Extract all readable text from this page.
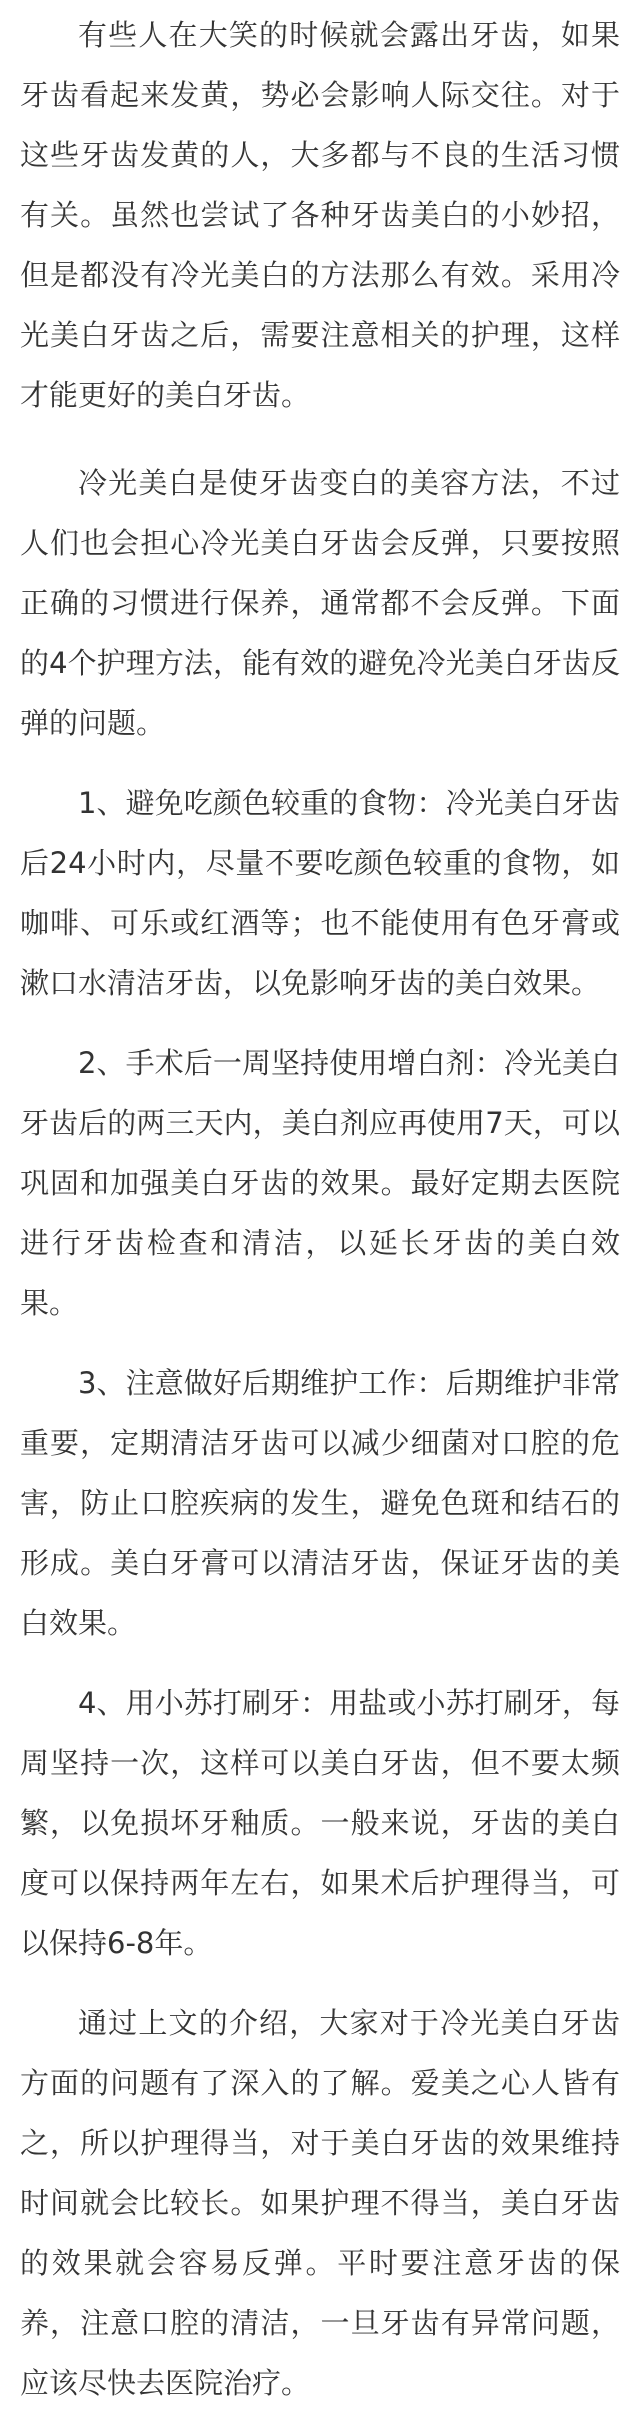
有些人在大笑的时候就会露出牙齿，如果牙齿看起来发黄，势必会影响人际交往。对于这些牙齿发黄的人，大多都与不良的生活习惯有关。虽然也尝试了各种牙齿美白的小妙招，但是都没有冷光美白的方法那么有效。采用冷光美白牙齿之后，需要注意相关的护理，这样才能更好的美白牙齿。

冷光美白是使牙齿变白的美容方法，不过人们也会担心冷光美白牙齿会反弹，只要按照正确的习惯进行保养，通常都不会反弹。下面的4个护理方法，能有效的避免冷光美白牙齿反弹的问题。

1、避免吃颜色较重的食物：冷光美白牙齿后24小时内，尽量不要吃颜色较重的食物，如咖啡、可乐或红酒等；也不能使用有色牙膏或漱口水清洁牙齿，以免影响牙齿的美白效果。

2、手术后一周坚持使用增白剂：冷光美白牙齿后的两三天内，美白剂应再使用7天，可以巩固和加强美白牙齿的效果。最好定期去医院进行牙齿检查和清洁，以延长牙齿的美白效果。

3、注意做好后期维护工作：后期维护非常重要，定期清洁牙齿可以减少细菌对口腔的危害，防止口腔疾病的发生，避免色斑和结石的形成。美白牙膏可以清洁牙齿，保证牙齿的美白效果。

4、用小苏打刷牙：用盐或小苏打刷牙，每周坚持一次，这样可以美白牙齿，但不要太频繁，以免损坏牙釉质。一般来说，牙齿的美白度可以保持两年左右，如果术后护理得当，可以保持6-8年。

通过上文的介绍，大家对于冷光美白牙齿方面的问题有了深入的了解。爱美之心人皆有之，所以护理得当，对于美白牙齿的效果维持时间就会比较长。如果护理不得当，美白牙齿的效果就会容易反弹。平时要注意牙齿的保养，注意口腔的清洁，一旦牙齿有异常问题，应该尽快去医院治疗。
